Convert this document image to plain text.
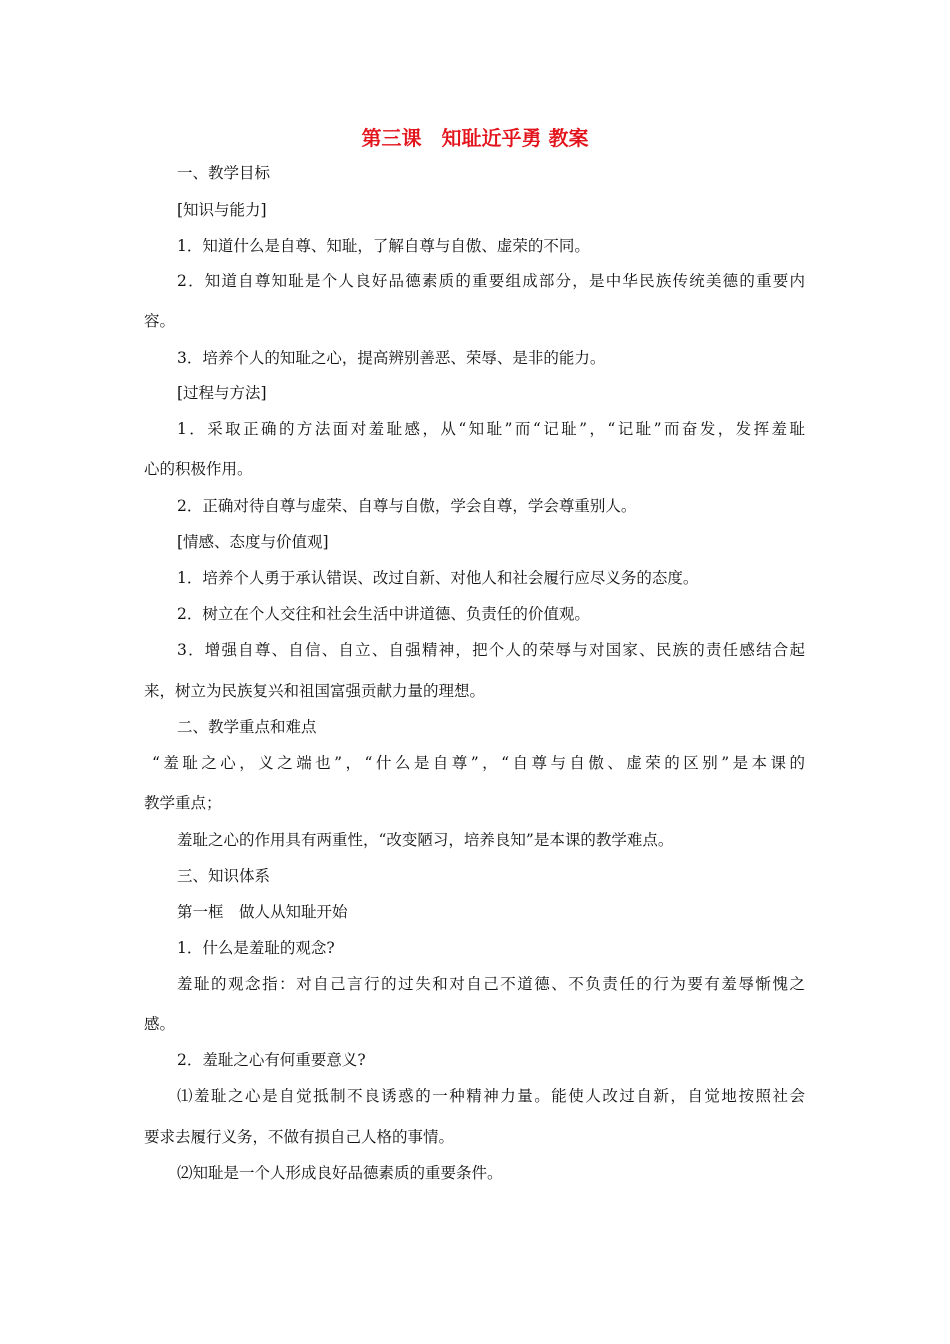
第三课　知耻近乎勇 教案
一、教学目标
[知识与能力]
1．知道什么是自尊、知耻，了解自尊与自傲、虚荣的不同。
2．知道自尊知耻是个人良好品德素质的重要组成部分，是中华民族传统美德的重要内
容。
3．培养个人的知耻之心，提高辨别善恶、荣辱、是非的能力。
[过程与方法]
1．采取正确的方法面对羞耻感，从“知耻”而“记耻”，“记耻”而奋发，发挥羞耻
心的积极作用。
2．正确对待自尊与虚荣、自尊与自傲，学会自尊，学会尊重别人。
[情感、态度与价值观]
1．培养个人勇于承认错误、改过自新、对他人和社会履行应尽义务的态度。
2．树立在个人交往和社会生活中讲道德、负责任的价值观。
3．增强自尊、自信、自立、自强精神，把个人的荣辱与对国家、民族的责任感结合起
来，树立为民族复兴和祖国富强贡献力量的理想。
二、教学重点和难点
“羞耻之心，义之端也”，“什么是自尊”，“自尊与自傲、虚荣的区别”是本课的
教学重点；
羞耻之心的作用具有两重性，“改变陋习，培养良知”是本课的教学难点。
三、知识体系
第一框　做人从知耻开始
1．什么是羞耻的观念?
羞耻的观念指：对自己言行的过失和对自己不道德、不负责任的行为要有羞辱惭愧之
感。
2．羞耻之心有何重要意义?
⑴羞耻之心是自觉抵制不良诱惑的一种精神力量。能使人改过自新，自觉地按照社会
要求去履行义务，不做有损自己人格的事情。
⑵知耻是一个人形成良好品德素质的重要条件。
